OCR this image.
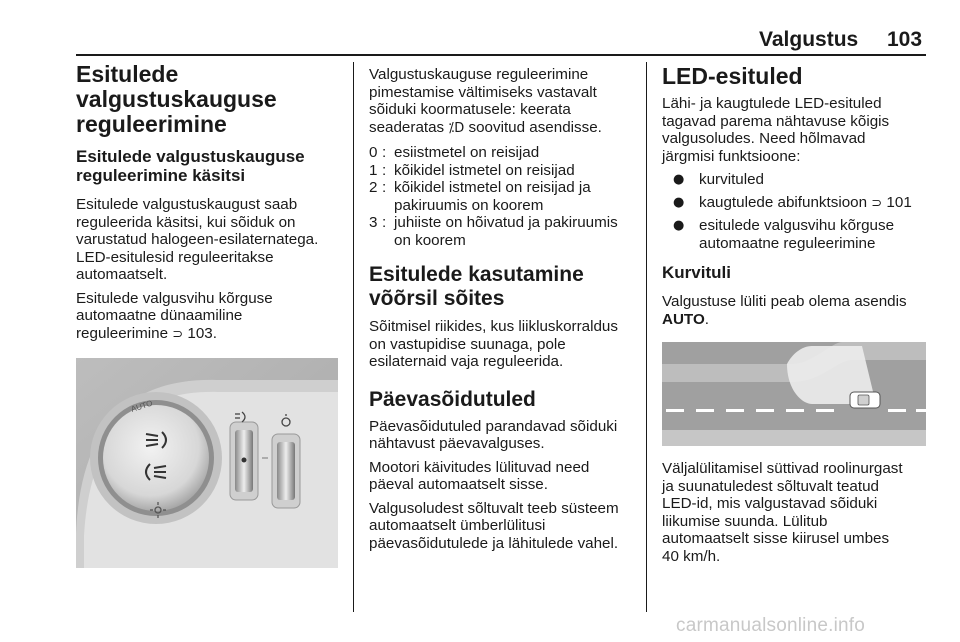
Valgustus 103
Esitulede
valgustuskauguse
reguleerimine
Esitulede valgustuskauguse
reguleerimine käsitsi
Esitulede valgustuskaugust saab
reguleerida käsitsi, kui sõiduk on
varustatud halogeen-esilaternatega.
LED-esitulesid reguleeritakse
automaatselt.
Esitulede valgusvihu kõrguse
automaatne dünaamiline
reguleerimine ⊃ 103.
AUTO
Valgustuskauguse reguleerimine
pimestamise vältimiseks vastavalt
sõiduki koormatusele: keerata
seaderatas ⁒D soovitud asendisse.
0 : esiistmetel on reisijad
1 : kõikidel istmetel on reisijad
2 : kõikidel istmetel on reisijad ja
pakiruumis on koorem
3 : juhiiste on hõivatud ja pakiruumis
on koorem
Esitulede kasutamine
võõrsil sõites
Sõitmisel riikides, kus liikluskorraldus
on vastupidise suunaga, pole
esilaternaid vaja reguleerida.
Päevasõidutuled
Päevasõidutuled parandavad sõiduki
nähtavust päevavalguses.
Mootori käivitudes lülituvad need
päeval automaatselt sisse.
Valgusoludest sõltuvalt teeb süsteem
automaatselt ümberlülitusi
päevasõidutulede ja lähitulede vahel.
LED-esituled
Lähi- ja kaugtulede LED-esituled
tagavad parema nähtavuse kõigis
valgusoludes. Need hõlmavad
järgmisi funktsioone:
● kurvituled
● kaugtulede abifunktsioon ⊃ 101
● esitulede valgusvihu kõrguse
automaatne reguleerimine
Kurvituli
Valgustuse lüliti peab olema asendis
AUTO.
Väljalülitamisel süttivad roolinurgast
ja suunatuledest sõltuvalt teatud
LED-id, mis valgustavad sõiduki
liikumise suunda. Lülitub
automaatselt sisse kiirusel umbes
40 km/h.
carmanualsonline.info
